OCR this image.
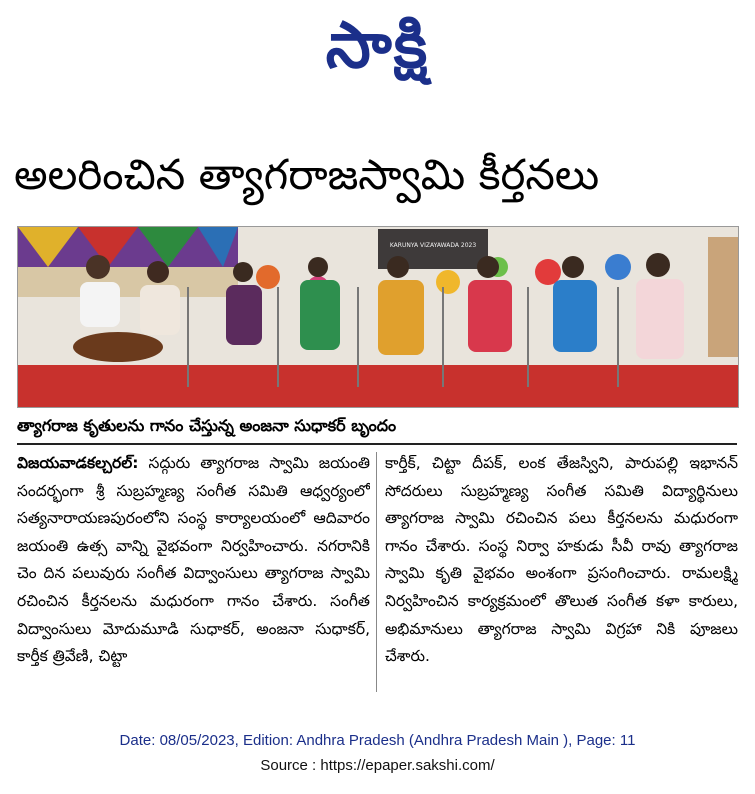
సాక్షి
అలరించిన త్యాగరాజస్వామి కీర్తనలు
KARUNYA VIZAYAWADA 2023
త్యాగరాజ కృతులను గానం చేస్తున్న అంజనా సుధాకర్ బృందం
విజయవాడకల్చరల్: సద్గురు త్యాగరాజ స్వామి జయంతి సందర్భంగా శ్రీ సుబ్రహ్మణ్య సంగీత సమితి ఆధ్వర్యంలో సత్యనారాయణపురంలోని సంస్థ కార్యాలయంలో ఆదివారం జయంతి ఉత్స వాన్ని వైభవంగా నిర్వహించారు. నగరానికి చెం దిన పలువురు సంగీత విద్వాంసులు త్యాగరాజ స్వామి రచించిన కీర్తనలను మధురంగా గానం చేశారు. సంగీత విద్వాంసులు మోదుమూడి సుధాకర్, అంజనా సుధాకర్, కార్తీక త్రివేణి, చిట్టా
కార్తీక్, చిట్టా దీపక్, లంక తేజస్విని, పారుపల్లి ఇభానన్ సోదరులు సుబ్రహ్మణ్య సంగీత సమితి విద్యార్థినులు త్యాగరాజ స్వామి రచించిన పలు కీర్తనలను మధురంగా గానం చేశారు. సంస్థ నిర్వా హకుడు సీవీ రావు త్యాగరాజ స్వామి కృతి వైభవం అంశంగా ప్రసంగించారు. రామలక్ష్మి నిర్వహించిన కార్యక్రమంలో తొలుత సంగీత కళా కారులు, అభిమానులు త్యాగరాజ స్వామి విగ్రహా నికి పూజలు చేశారు.
Date: 08/05/2023, Edition: Andhra Pradesh (Andhra Pradesh Main ), Page: 11
Source : https://epaper.sakshi.com/
